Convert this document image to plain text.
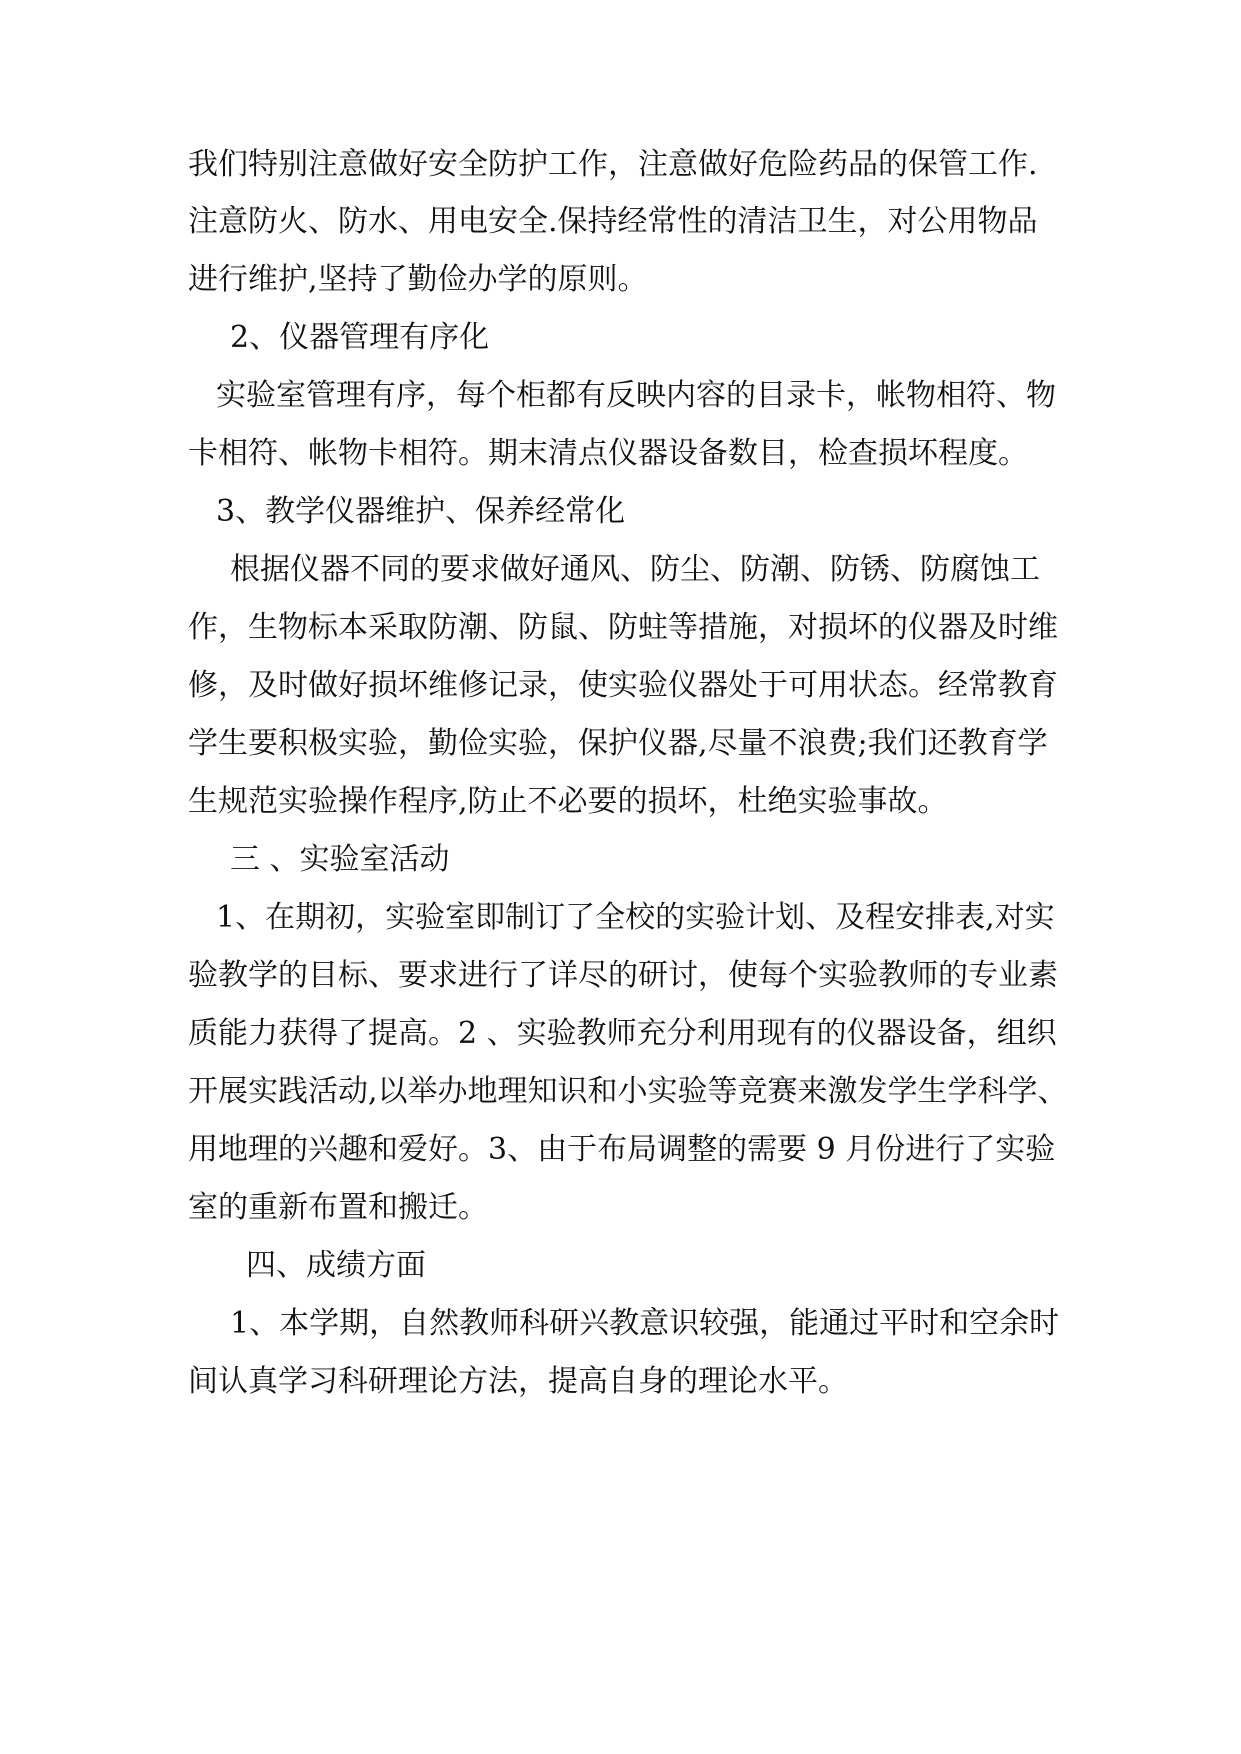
我们特别注意做好安全防护工作，注意做好危险药品的保管工作.
注意防火、防水、用电安全.保持经常性的清洁卫生，对公用物品
进行维护,坚持了勤俭办学的原则。
2、仪器管理有序化
实验室管理有序，每个柜都有反映内容的目录卡，帐物相符、物
卡相符、帐物卡相符。期末清点仪器设备数目，检查损坏程度。
3、教学仪器维护、保养经常化
根据仪器不同的要求做好通风、防尘、防潮、防锈、防腐蚀工
作，生物标本采取防潮、防鼠、防蛀等措施，对损坏的仪器及时维
修，及时做好损坏维修记录，使实验仪器处于可用状态。经常教育
学生要积极实验，勤俭实验，保护仪器,尽量不浪费;我们还教育学
生规范实验操作程序,防止不必要的损坏，杜绝实验事故。
三 、实验室活动
1、在期初，实验室即制订了全校的实验计划、及程安排表,对实
验教学的目标、要求进行了详尽的研讨，使每个实验教师的专业素
质能力获得了提高。2 、实验教师充分利用现有的仪器设备，组织
开展实践活动,以举办地理知识和小实验等竞赛来激发学生学科学、
用地理的兴趣和爱好。3、由于布局调整的需要 9 月份进行了实验
室的重新布置和搬迁。
四、成绩方面
1、本学期，自然教师科研兴教意识较强，能通过平时和空余时
间认真学习科研理论方法，提高自身的理论水平。
